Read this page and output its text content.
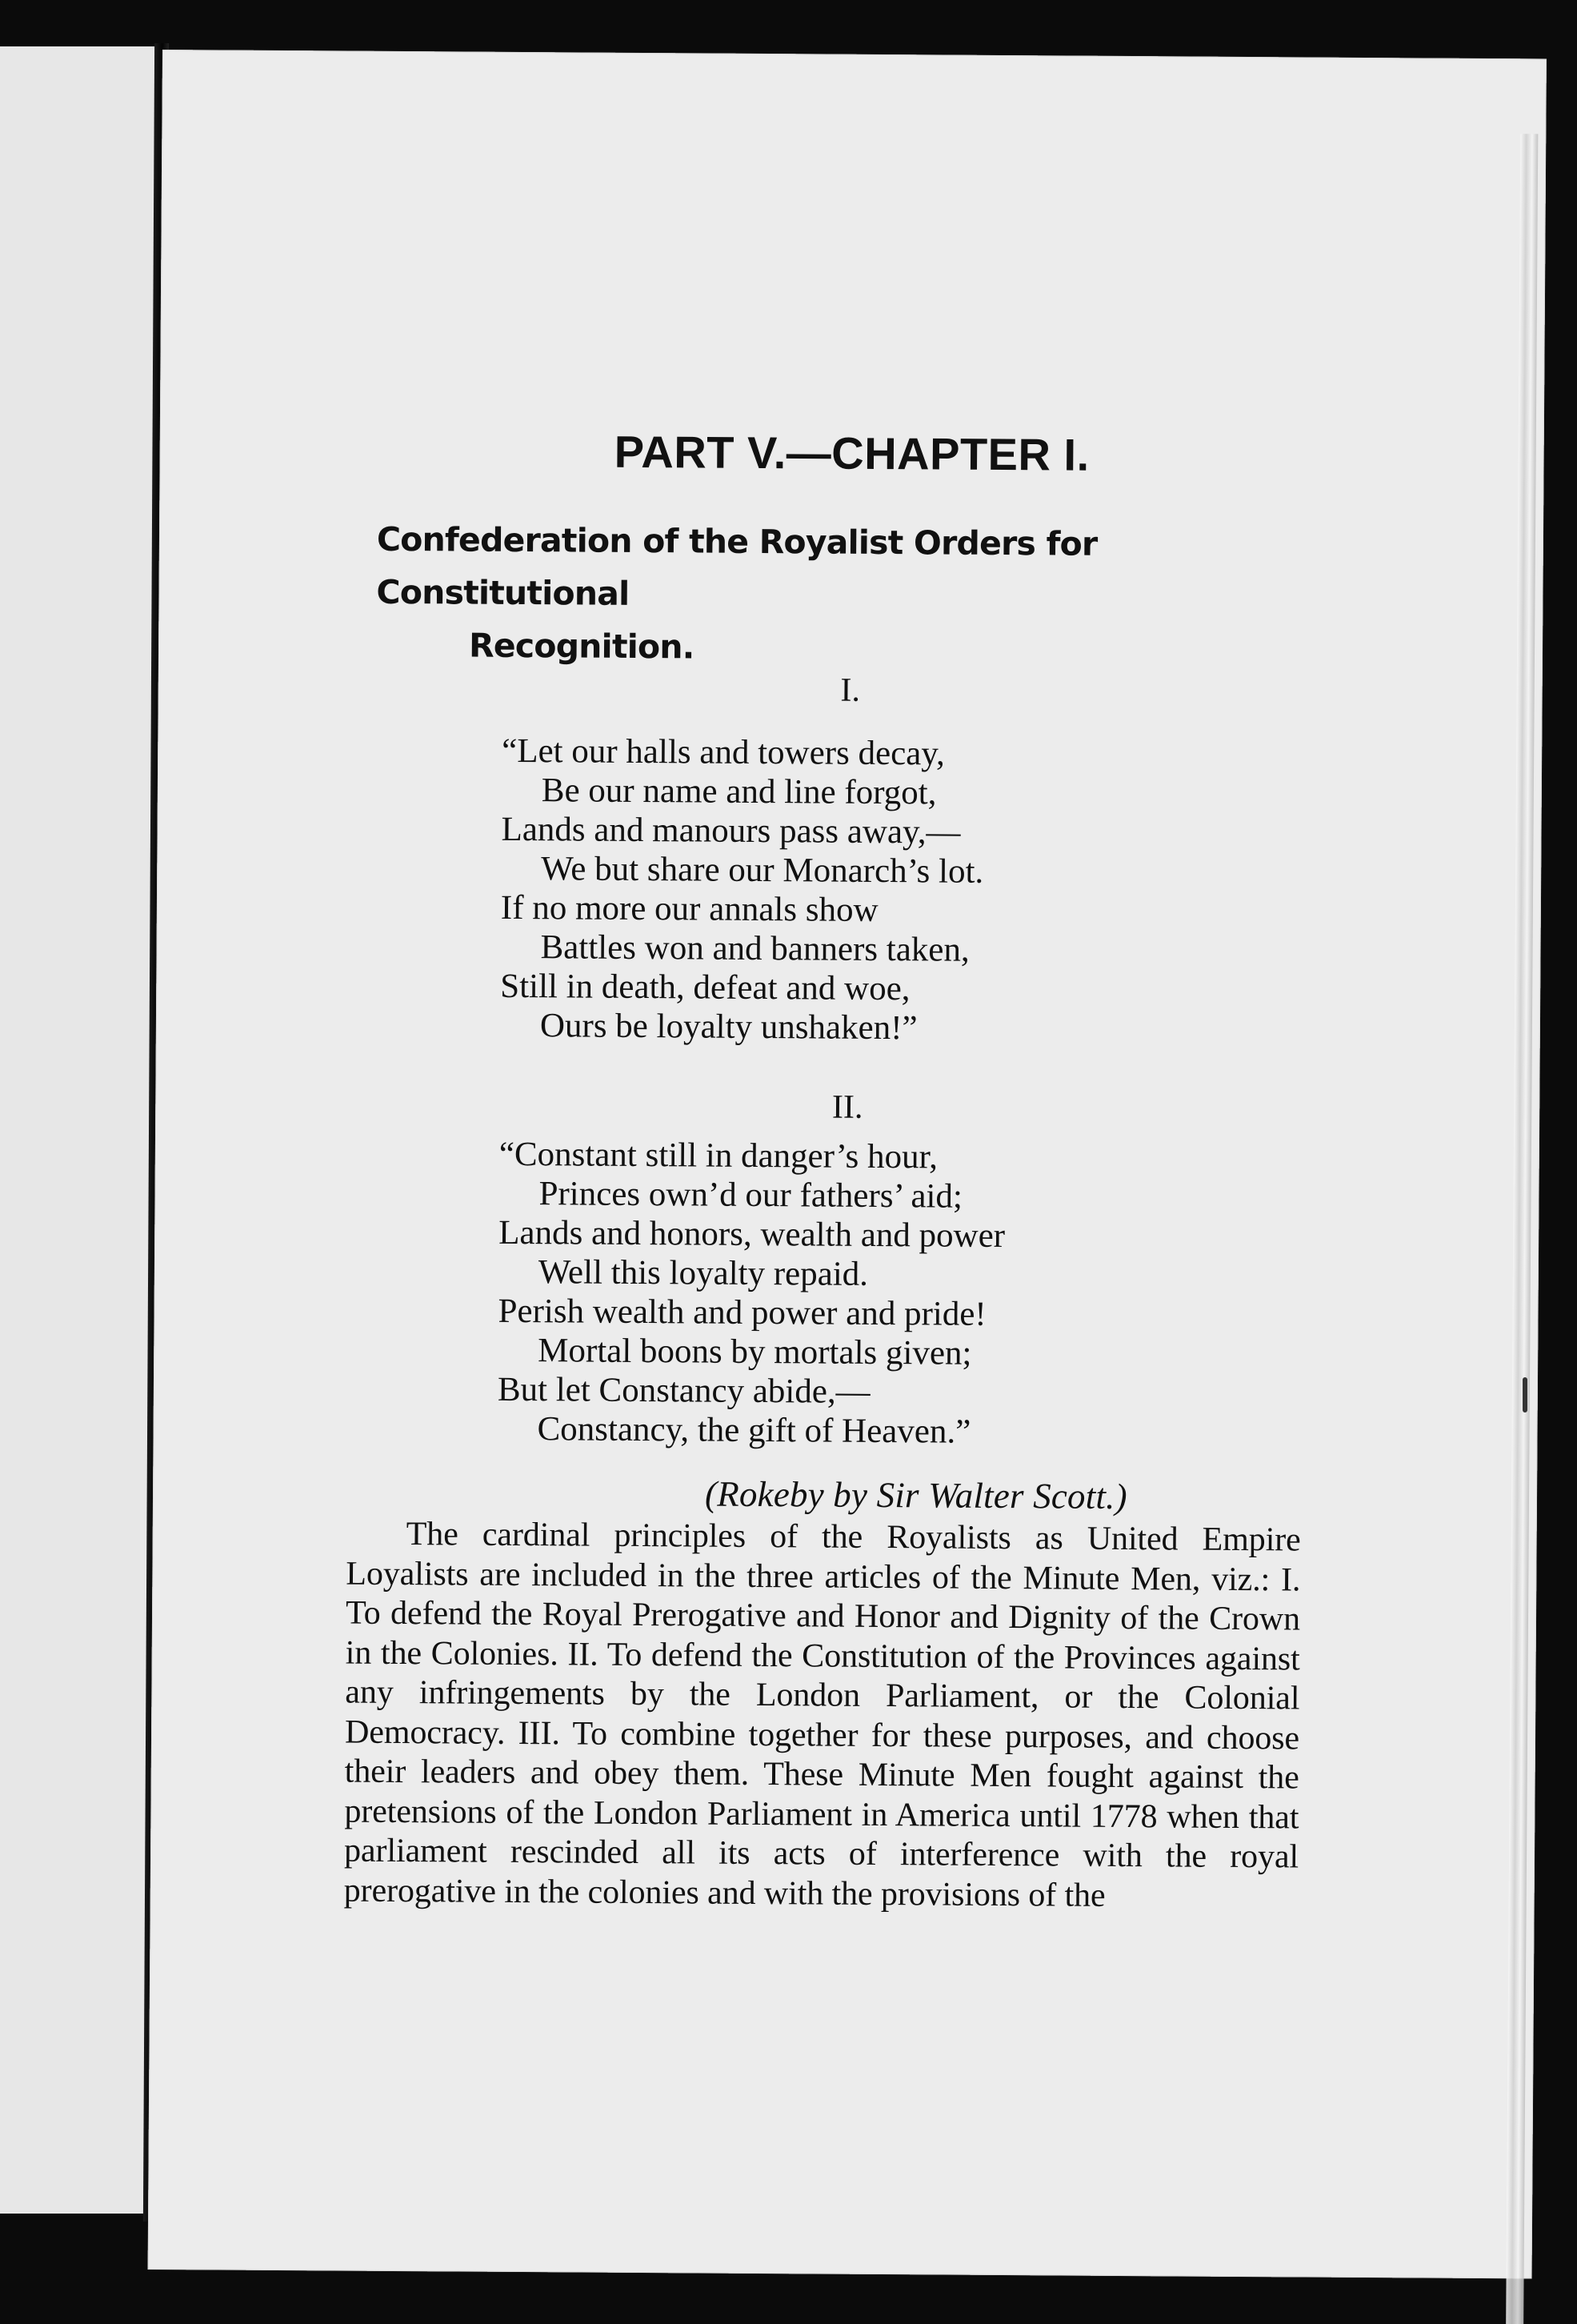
PART V.—CHAPTER I.
Confederation of the Royalist Orders for Constitutional
Recognition.
I.
“Let our halls and towers decay,
Be our name and line forgot,
Lands and manours pass away,—
We but share our Monarch’s lot.
If no more our annals show
Battles won and banners taken,
Still in death, defeat and woe,
Ours be loyalty unshaken!”
II.
“Constant still in danger’s hour,
Princes own’d our fathers’ aid;
Lands and honors, wealth and power
Well this loyalty repaid.
Perish wealth and power and pride!
Mortal boons by mortals given;
But let Constancy abide,—
Constancy, the gift of Heaven.”
(Rokeby by Sir Walter Scott.)

The cardinal principles of the Royalists as United Empire Loyalists are included in the three articles of the Minute Men, viz.: I. To defend the Royal Prerogative and Honor and Dignity of the Crown in the Colonies. II. To defend the Constitution of the Provinces against any infringements by the London Parliament, or the Colonial Democracy. III. To combine together for these purposes, and choose their leaders and obey them. These Minute Men fought against the pretensions of the London Parliament in America until 1778 when that parliament rescinded all its acts of interference with the royal prerogative in the colonies and with the provisions of the
